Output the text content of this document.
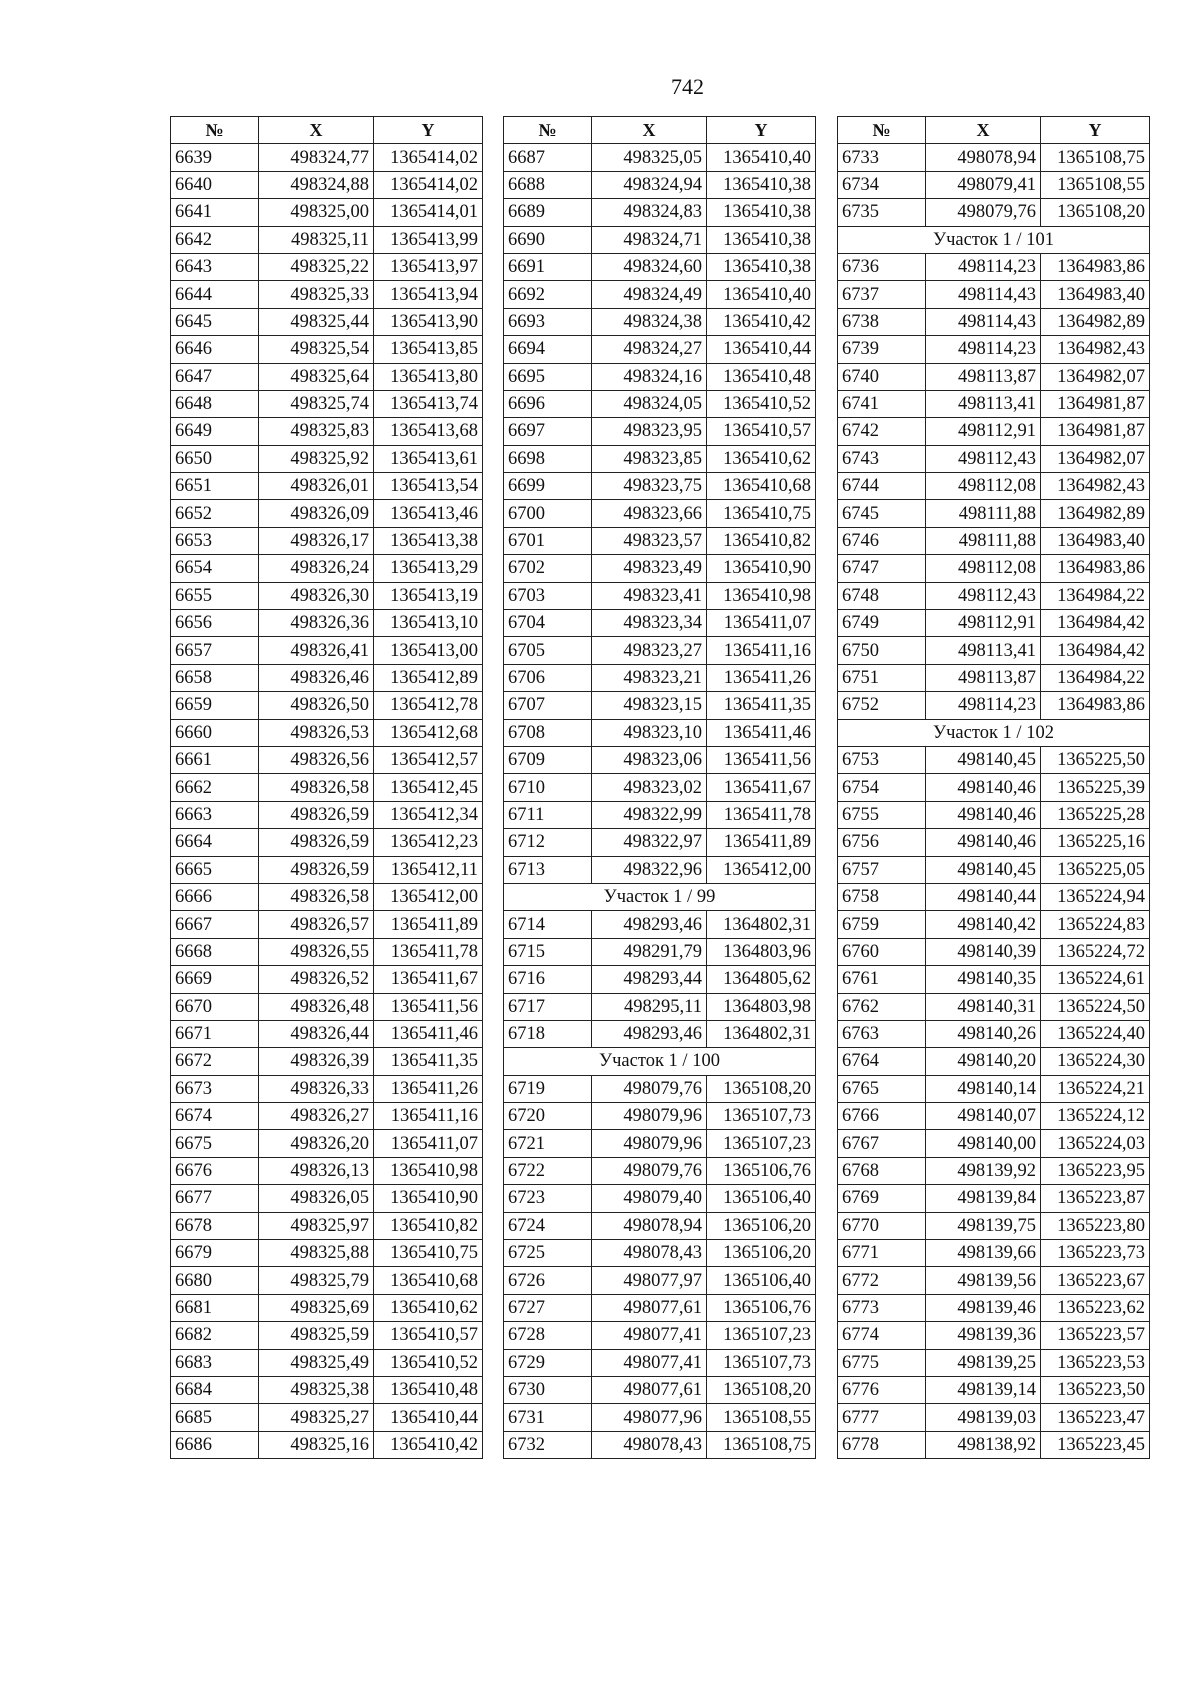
742
№	X	Y
6639	498324,77	1365414,02
6640	498324,88	1365414,02
6641	498325,00	1365414,01
6642	498325,11	1365413,99
6643	498325,22	1365413,97
6644	498325,33	1365413,94
6645	498325,44	1365413,90
6646	498325,54	1365413,85
6647	498325,64	1365413,80
6648	498325,74	1365413,74
6649	498325,83	1365413,68
6650	498325,92	1365413,61
6651	498326,01	1365413,54
6652	498326,09	1365413,46
6653	498326,17	1365413,38
6654	498326,24	1365413,29
6655	498326,30	1365413,19
6656	498326,36	1365413,10
6657	498326,41	1365413,00
6658	498326,46	1365412,89
6659	498326,50	1365412,78
6660	498326,53	1365412,68
6661	498326,56	1365412,57
6662	498326,58	1365412,45
6663	498326,59	1365412,34
6664	498326,59	1365412,23
6665	498326,59	1365412,11
6666	498326,58	1365412,00
6667	498326,57	1365411,89
6668	498326,55	1365411,78
6669	498326,52	1365411,67
6670	498326,48	1365411,56
6671	498326,44	1365411,46
6672	498326,39	1365411,35
6673	498326,33	1365411,26
6674	498326,27	1365411,16
6675	498326,20	1365411,07
6676	498326,13	1365410,98
6677	498326,05	1365410,90
6678	498325,97	1365410,82
6679	498325,88	1365410,75
6680	498325,79	1365410,68
6681	498325,69	1365410,62
6682	498325,59	1365410,57
6683	498325,49	1365410,52
6684	498325,38	1365410,48
6685	498325,27	1365410,44
6686	498325,16	1365410,42
№	X	Y
6687	498325,05	1365410,40
6688	498324,94	1365410,38
6689	498324,83	1365410,38
6690	498324,71	1365410,38
6691	498324,60	1365410,38
6692	498324,49	1365410,40
6693	498324,38	1365410,42
6694	498324,27	1365410,44
6695	498324,16	1365410,48
6696	498324,05	1365410,52
6697	498323,95	1365410,57
6698	498323,85	1365410,62
6699	498323,75	1365410,68
6700	498323,66	1365410,75
6701	498323,57	1365410,82
6702	498323,49	1365410,90
6703	498323,41	1365410,98
6704	498323,34	1365411,07
6705	498323,27	1365411,16
6706	498323,21	1365411,26
6707	498323,15	1365411,35
6708	498323,10	1365411,46
6709	498323,06	1365411,56
6710	498323,02	1365411,67
6711	498322,99	1365411,78
6712	498322,97	1365411,89
6713	498322,96	1365412,00
Участок 1 / 99		
6714	498293,46	1364802,31
6715	498291,79	1364803,96
6716	498293,44	1364805,62
6717	498295,11	1364803,98
6718	498293,46	1364802,31
Участок 1 / 100		
6719	498079,76	1365108,20
6720	498079,96	1365107,73
6721	498079,96	1365107,23
6722	498079,76	1365106,76
6723	498079,40	1365106,40
6724	498078,94	1365106,20
6725	498078,43	1365106,20
6726	498077,97	1365106,40
6727	498077,61	1365106,76
6728	498077,41	1365107,23
6729	498077,41	1365107,73
6730	498077,61	1365108,20
6731	498077,96	1365108,55
6732	498078,43	1365108,75
№	X	Y
6733	498078,94	1365108,75
6734	498079,41	1365108,55
6735	498079,76	1365108,20
Участок 1 / 101		
6736	498114,23	1364983,86
6737	498114,43	1364983,40
6738	498114,43	1364982,89
6739	498114,23	1364982,43
6740	498113,87	1364982,07
6741	498113,41	1364981,87
6742	498112,91	1364981,87
6743	498112,43	1364982,07
6744	498112,08	1364982,43
6745	498111,88	1364982,89
6746	498111,88	1364983,40
6747	498112,08	1364983,86
6748	498112,43	1364984,22
6749	498112,91	1364984,42
6750	498113,41	1364984,42
6751	498113,87	1364984,22
6752	498114,23	1364983,86
Участок 1 / 102		
6753	498140,45	1365225,50
6754	498140,46	1365225,39
6755	498140,46	1365225,28
6756	498140,46	1365225,16
6757	498140,45	1365225,05
6758	498140,44	1365224,94
6759	498140,42	1365224,83
6760	498140,39	1365224,72
6761	498140,35	1365224,61
6762	498140,31	1365224,50
6763	498140,26	1365224,40
6764	498140,20	1365224,30
6765	498140,14	1365224,21
6766	498140,07	1365224,12
6767	498140,00	1365224,03
6768	498139,92	1365223,95
6769	498139,84	1365223,87
6770	498139,75	1365223,80
6771	498139,66	1365223,73
6772	498139,56	1365223,67
6773	498139,46	1365223,62
6774	498139,36	1365223,57
6775	498139,25	1365223,53
6776	498139,14	1365223,50
6777	498139,03	1365223,47
6778	498138,92	1365223,45
